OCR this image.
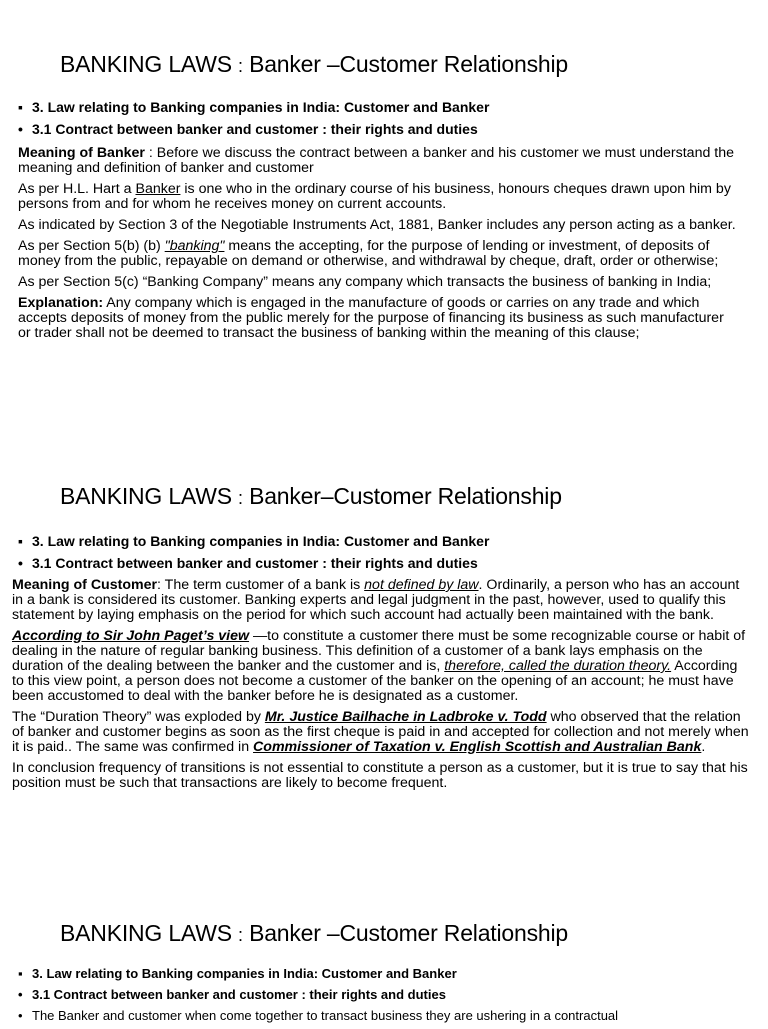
BANKING LAWS : Banker –Customer Relationship
▪ 3. Law relating to Banking companies in India: Customer and Banker
• 3.1 Contract between banker and customer : their rights and duties

Meaning of Banker : Before we discuss the contract between a banker and his customer we must understand the meaning and definition of banker and customer

As per H.L. Hart a Banker is one who in the ordinary course of his business, honours cheques drawn upon him by persons from and for whom he receives money on current accounts.

As indicated by Section 3 of the Negotiable Instruments Act, 1881, Banker includes any person acting as a banker.

As per Section 5(b) (b) "banking" means the accepting, for the purpose of lending or investment, of deposits of money from the public, repayable on demand or otherwise, and withdrawal by cheque, draft, order or otherwise;

As per Section 5(c) “Banking Company” means any company which transacts the business of banking in India;

Explanation: Any company which is engaged in the manufacture of goods or carries on any trade and which accepts deposits of money from the public merely for the purpose of financing its business as such manufacturer or trader shall not be deemed to transact the business of banking within the meaning of this clause;

BANKING LAWS : Banker–Customer Relationship
▪ 3. Law relating to Banking companies in India: Customer and Banker
• 3.1 Contract between banker and customer : their rights and duties

Meaning of Customer: The term customer of a bank is not defined by law. Ordinarily, a person who has an account in a bank is considered its customer. Banking experts and legal judgment in the past, however, used to qualify this statement by laying emphasis on the period for which such account had actually been maintained with the bank.

According to Sir John Paget’s view —to constitute a customer there must be some recognizable course or habit of dealing in the nature of regular banking business. This definition of a customer of a bank lays emphasis on the duration of the dealing between the banker and the customer and is, therefore, called the duration theory. According to this view point, a person does not become a customer of the banker on the opening of an account; he must have been accustomed to deal with the banker before he is designated as a customer.

The “Duration Theory” was exploded by Mr. Justice Bailhache in Ladbroke v. Todd who observed that the relation of banker and customer begins as soon as the first cheque is paid in and accepted for collection and not merely when it is paid.. The same was confirmed in Commissioner of Taxation v. English Scottish and Australian Bank.

In conclusion frequency of transitions is not essential to constitute a person as a customer, but it is true to say that his position must be such that transactions are likely to become frequent.

BANKING LAWS : Banker –Customer Relationship
▪ 3. Law relating to Banking companies in India: Customer and Banker
• 3.1 Contract between banker and customer : their rights and duties
• The Banker and customer when come together to transact business they are ushering in a contractual
